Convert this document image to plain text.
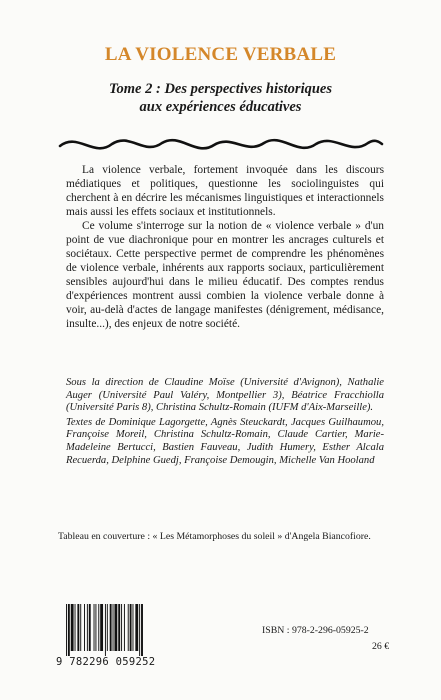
LA VIOLENCE VERBALE
Tome 2 : Des perspectives historiques
aux expériences éducatives

La violence verbale, fortement invoquée dans les discours médiatiques et politiques, questionne les sociolinguistes qui cherchent à en décrire les mécanismes linguistiques et interactionnels mais aussi les effets sociaux et institutionnels.

Ce volume s'interroge sur la notion de « violence verbale » d'un point de vue diachronique pour en montrer les ancrages culturels et sociétaux. Cette perspective permet de comprendre les phénomènes de violence verbale, inhérents aux rapports sociaux, particulièrement sensibles aujourd'hui dans le milieu éducatif. Des comptes rendus d'expériences montrent aussi combien la violence verbale donne à voir, au-delà d'actes de langage manifestes (dénigrement, médisance, insulte...), des enjeux de notre société.

Sous la direction de Claudine Moïse (Université d'Avignon), Nathalie Auger (Université Paul Valéry, Montpellier 3), Béatrice Fracchiolla (Université Paris 8), Christina Schultz-Romain (IUFM d'Aix-Marseille).

Textes de Dominique Lagorgette, Agnès Steuckardt, Jacques Guilhaumou, Françoise Moreil, Christina Schultz-Romain, Claude Cartier, Marie-Madeleine Bertucci, Bastien Fauveau, Judith Humery, Esther Alcala Recuerda, Delphine Guedj, Françoise Demougin, Michelle Van Hooland

Tableau en couverture : « Les Métamorphoses du soleil » d'Angela Biancofiore.
9 782296 059252
ISBN : 978-2-296-05925-2
26 €
